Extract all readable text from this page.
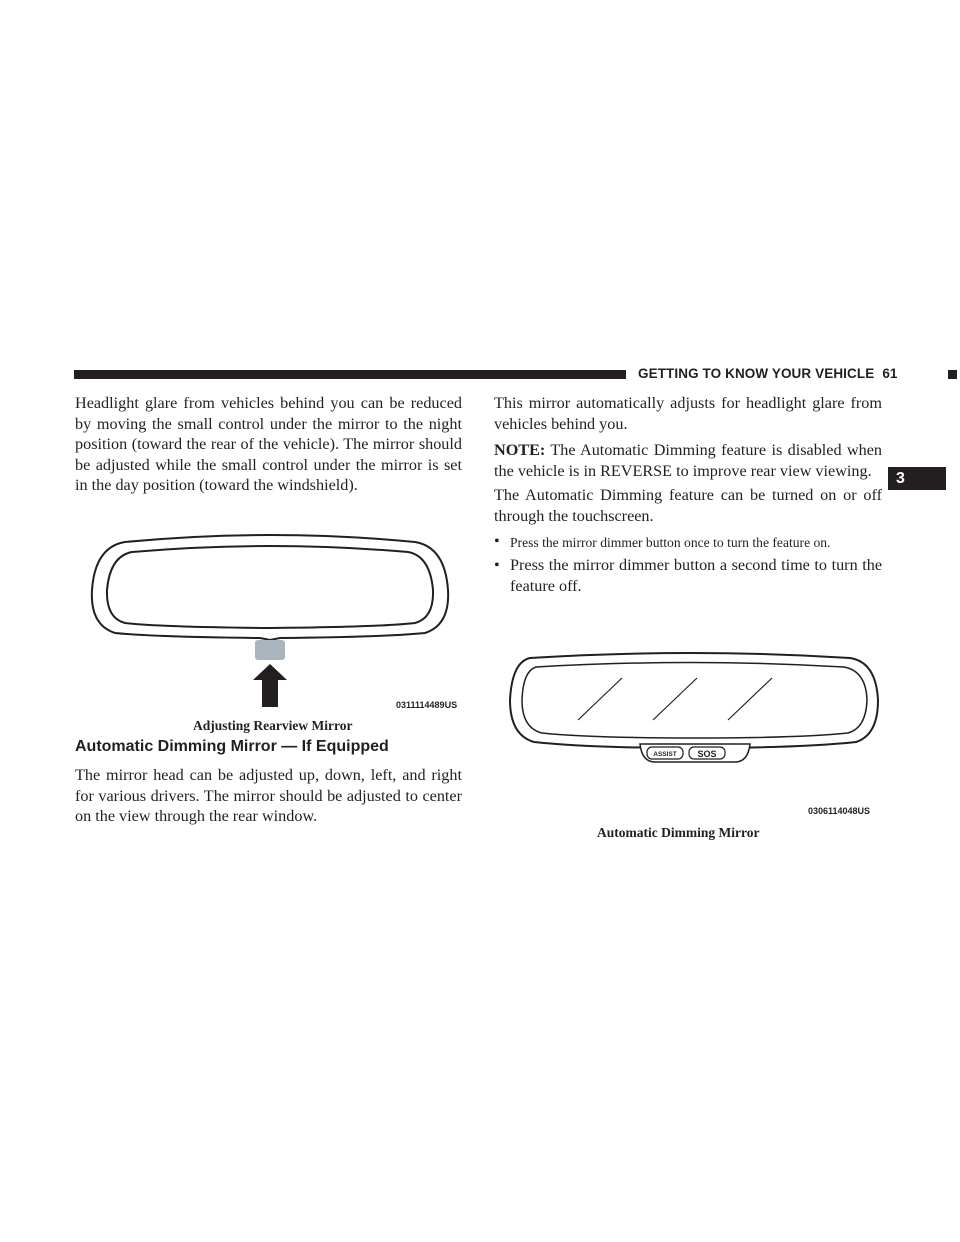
GETTING TO KNOW YOUR VEHICLE 61
3

Headlight glare from vehicles behind you can be reduced by moving the small control under the mirror to the night position (toward the rear of the vehicle). The mirror should be adjusted while the small control under the mirror is set in the day position (toward the windshield).

0311114489US
Adjusting Rearview Mirror
Automatic Dimming Mirror — If Equipped

The mirror head can be adjusted up, down, left, and right for various drivers. The mirror should be adjusted to center on the view through the rear window.

This mirror automatically adjusts for headlight glare from vehicles behind you.

NOTE: The Automatic Dimming feature is disabled when the vehicle is in REVERSE to improve rear view viewing.

The Automatic Dimming feature can be turned on or off through the touchscreen.

• Press the mirror dimmer button once to turn the feature on.

• Press the mirror dimmer button a second time to turn the feature off.

ASSIST SOS
0306114048US
Automatic Dimming Mirror
